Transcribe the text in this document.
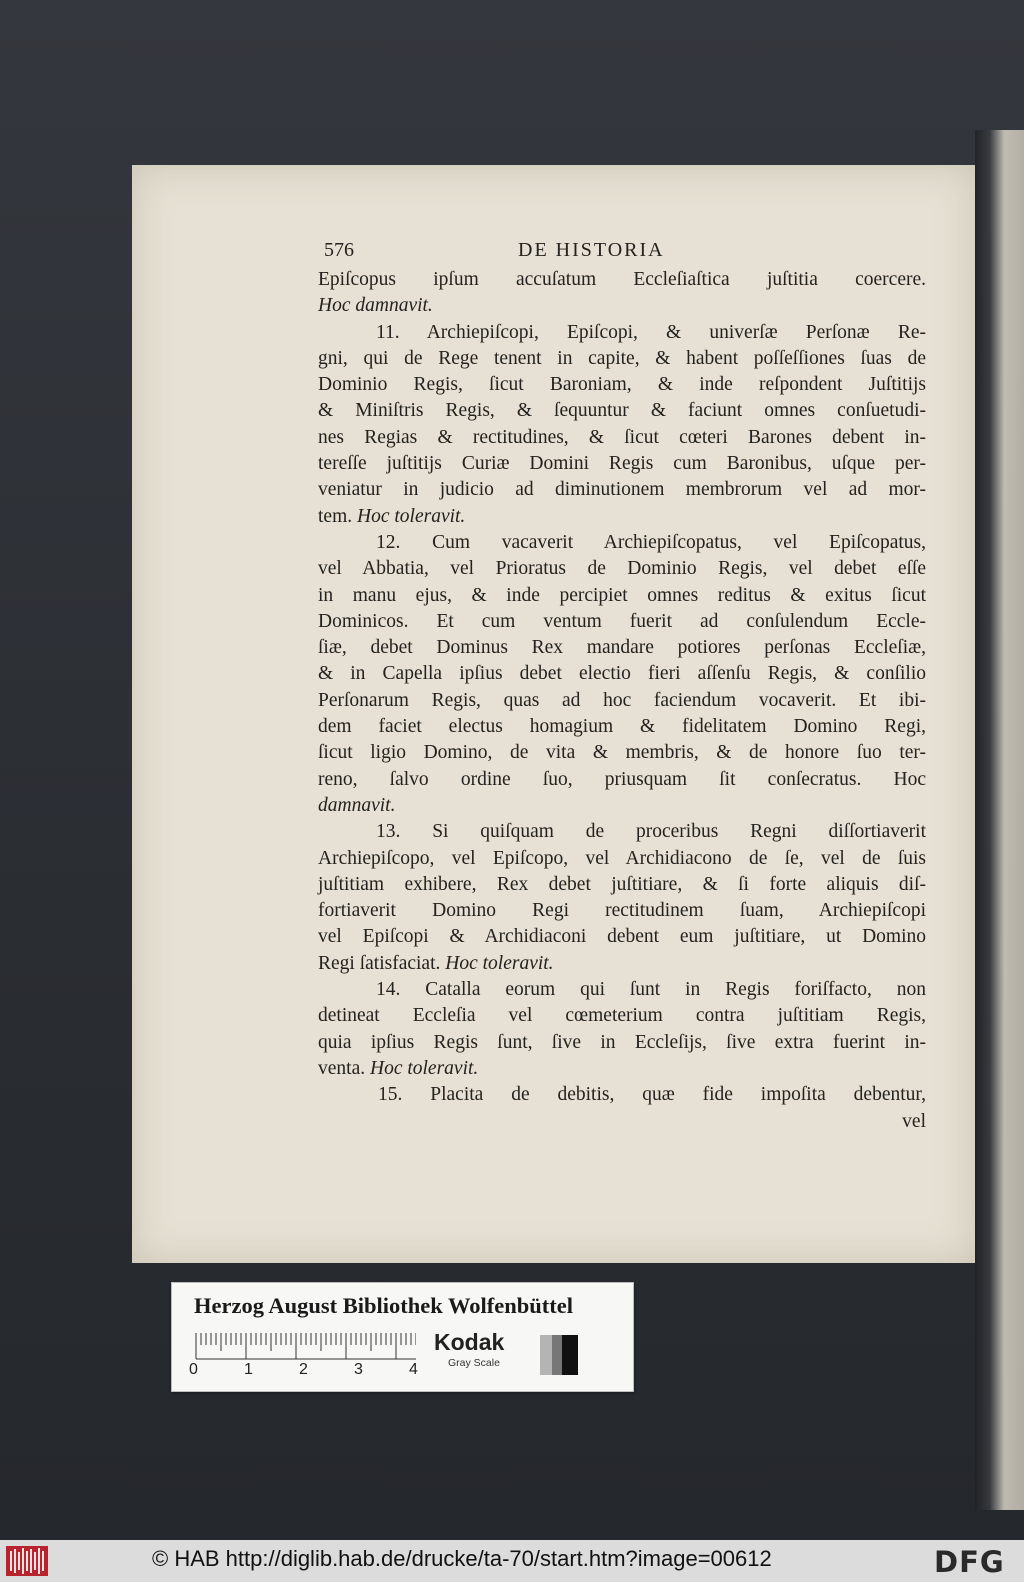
576	DE HISTORIA
Epiſcopus ipſum accuſatum Eccleſiaſtica juſtitia coercere.
Hoc damnavit.
11. Archiepiſcopi, Epiſcopi, & univerſæ Perſonæ Re-
gni, qui de Rege tenent in capite, & habent poſſeſſiones ſuas de
Dominio Regis, ſicut Baroniam, & inde reſpondent Juſtitijs
& Miniſtris Regis, & ſequuntur & faciunt omnes conſuetudi-
nes Regias & rectitudines, & ſicut cœteri Barones debent in-
tereſſe juſtitijs Curiæ Domini Regis cum Baronibus, uſque per-
veniatur in judicio ad diminutionem membrorum vel ad mor-
tem. Hoc toleravit.
12. Cum vacaverit Archiepiſcopatus, vel Epiſcopatus,
vel Abbatia, vel Prioratus de Dominio Regis, vel debet eſſe
in manu ejus, & inde percipiet omnes reditus & exitus ſicut
Dominicos. Et cum ventum fuerit ad conſulendum Eccle-
ſiæ, debet Dominus Rex mandare potiores perſonas Eccleſiæ,
& in Capella ipſius debet electio fieri aſſenſu Regis, & conſilio
Perſonarum Regis, quas ad hoc faciendum vocaverit. Et ibi-
dem faciet electus homagium & fidelitatem Domino Regi,
ſicut ligio Domino, de vita & membris, & de honore ſuo ter-
reno, ſalvo ordine ſuo, priusquam ſit conſecratus. Hoc
damnavit.
13. Si quiſquam de proceribus Regni diſſortiaverit
Archiepiſcopo, vel Epiſcopo, vel Archidiacono de ſe, vel de ſuis
juſtitiam exhibere, Rex debet juſtitiare, & ſi forte aliquis diſ-
fortiaverit Domino Regi rectitudinem ſuam, Archiepiſcopi
vel Epiſcopi & Archidiaconi debent eum juſtitiare, ut Domino
Regi ſatisfaciat. Hoc toleravit.
14. Catalla eorum qui ſunt in Regis foriſfacto, non
detineat Eccleſia vel cœmeterium contra juſtitiam Regis,
quia ipſius Regis ſunt, ſive in Eccleſijs, ſive extra fuerint in-
venta. Hoc toleravit.
15. Placita de debitis, quæ fide impoſita debentur,
vel
Herzog August Bibliothek Wolfenbüttel
0	1	2	3	4
Kodak
Gray Scale
© HAB http://diglib.hab.de/drucke/ta-70/start.htm?image=00612	DFG
